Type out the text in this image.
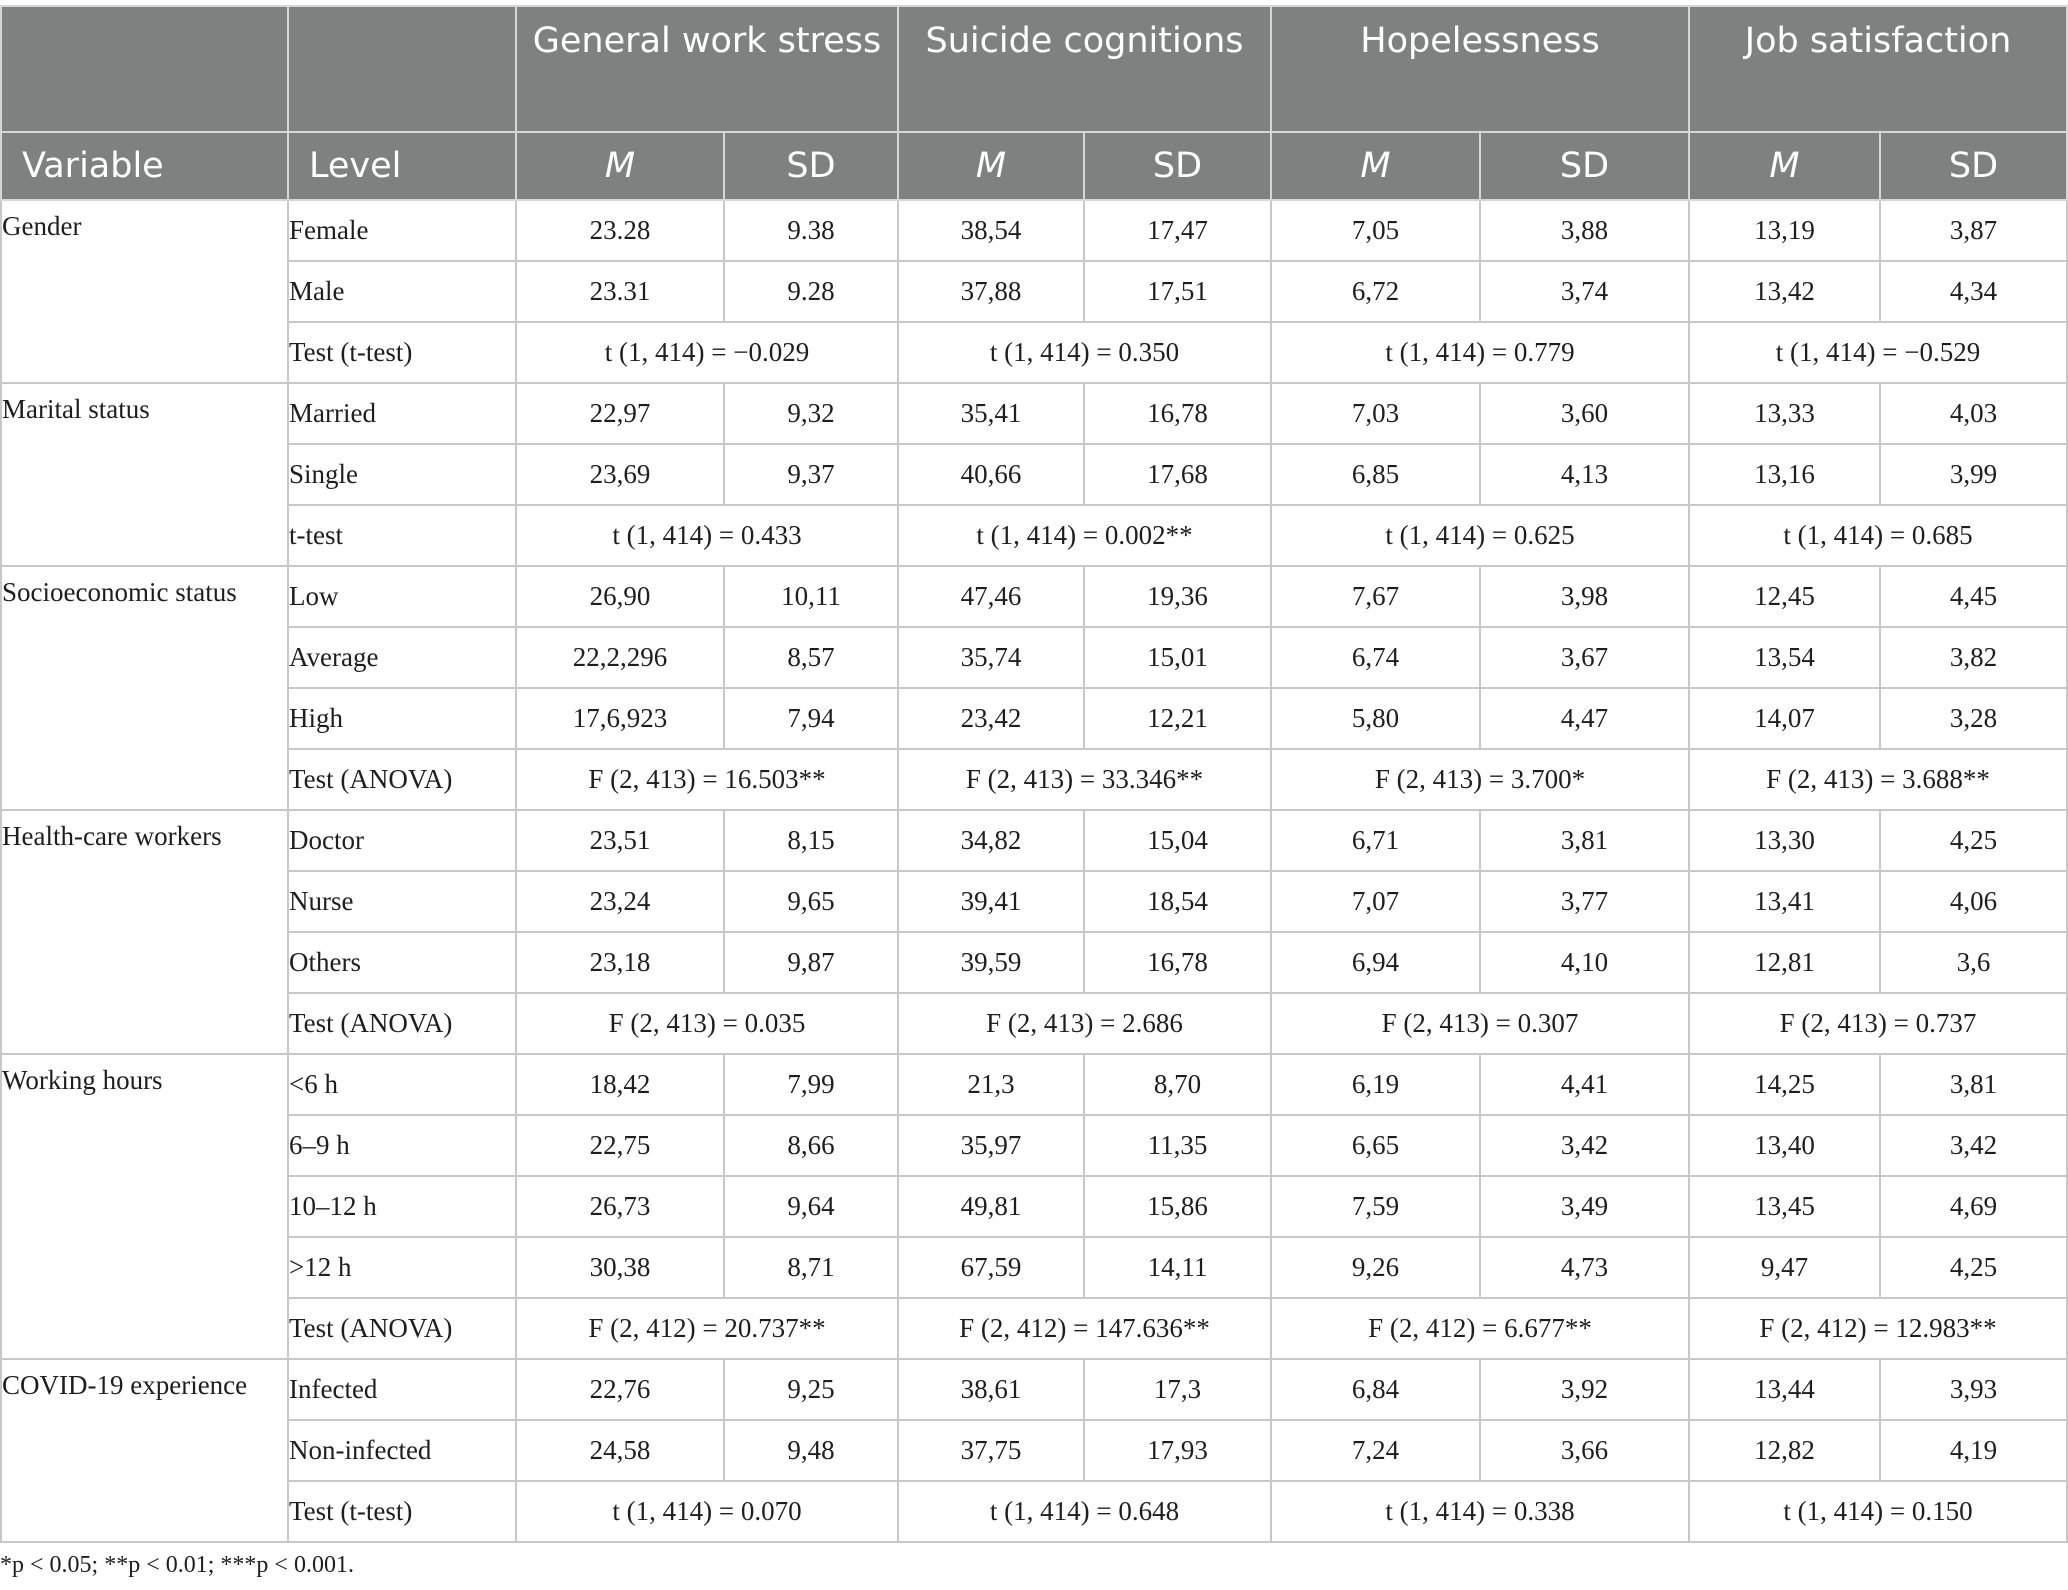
		General work stress		Suicide cognitions		Hopelessness		Job satisfaction	
Variable	Level	M	SD	M	SD	M	SD	M	SD
Gender	Female	23.28	9.38	38,54	17,47	7,05	3,88	13,19	3,87
	Male	23.31	9.28	37,88	17,51	6,72	3,74	13,42	4,34
	Test (t-test)	t (1, 414) = −0.029		t (1, 414) = 0.350		t (1, 414) = 0.779		t (1, 414) = −0.529	
Marital status	Married	22,97	9,32	35,41	16,78	7,03	3,60	13,33	4,03
	Single	23,69	9,37	40,66	17,68	6,85	4,13	13,16	3,99
	t-test	t (1, 414) = 0.433		t (1, 414) = 0.002**		t (1, 414) = 0.625		t (1, 414) = 0.685	
Socioeconomic status	Low	26,90	10,11	47,46	19,36	7,67	3,98	12,45	4,45
	Average	22,2,296	8,57	35,74	15,01	6,74	3,67	13,54	3,82
	High	17,6,923	7,94	23,42	12,21	5,80	4,47	14,07	3,28
	Test (ANOVA)	F (2, 413) = 16.503**		F (2, 413) = 33.346**		F (2, 413) = 3.700*		F (2, 413) = 3.688**	
Health-care workers	Doctor	23,51	8,15	34,82	15,04	6,71	3,81	13,30	4,25
	Nurse	23,24	9,65	39,41	18,54	7,07	3,77	13,41	4,06
	Others	23,18	9,87	39,59	16,78	6,94	4,10	12,81	3,6
	Test (ANOVA)	F (2, 413) = 0.035		F (2, 413) = 2.686		F (2, 413) = 0.307		F (2, 413) = 0.737	
Working hours	<6 h	18,42	7,99	21,3	8,70	6,19	4,41	14,25	3,81
	6–9 h	22,75	8,66	35,97	11,35	6,65	3,42	13,40	3,42
	10–12 h	26,73	9,64	49,81	15,86	7,59	3,49	13,45	4,69
	>12 h	30,38	8,71	67,59	14,11	9,26	4,73	9,47	4,25
	Test (ANOVA)	F (2, 412) = 20.737**		F (2, 412) = 147.636**		F (2, 412) = 6.677**		F (2, 412) = 12.983**	
COVID-19 experience	Infected	22,76	9,25	38,61	17,3	6,84	3,92	13,44	3,93
	Non-infected	24,58	9,48	37,75	17,93	7,24	3,66	12,82	4,19
	Test (t-test)	t (1, 414) = 0.070		t (1, 414) = 0.648		t (1, 414) = 0.338		t (1, 414) = 0.150	
*p < 0.05; **p < 0.01; ***p < 0.001.
